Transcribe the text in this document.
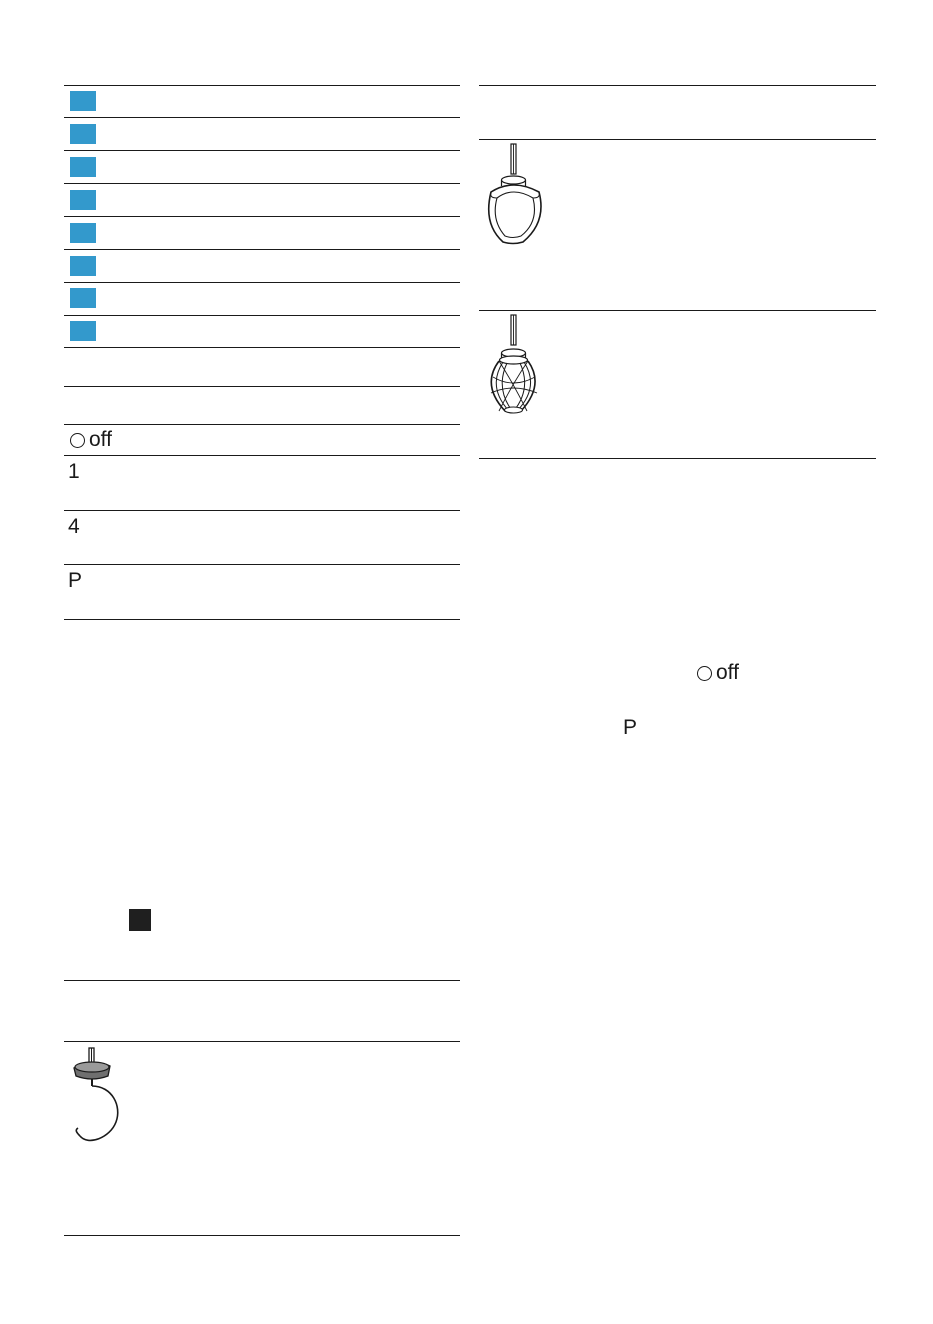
off
1
4
P
off
P
